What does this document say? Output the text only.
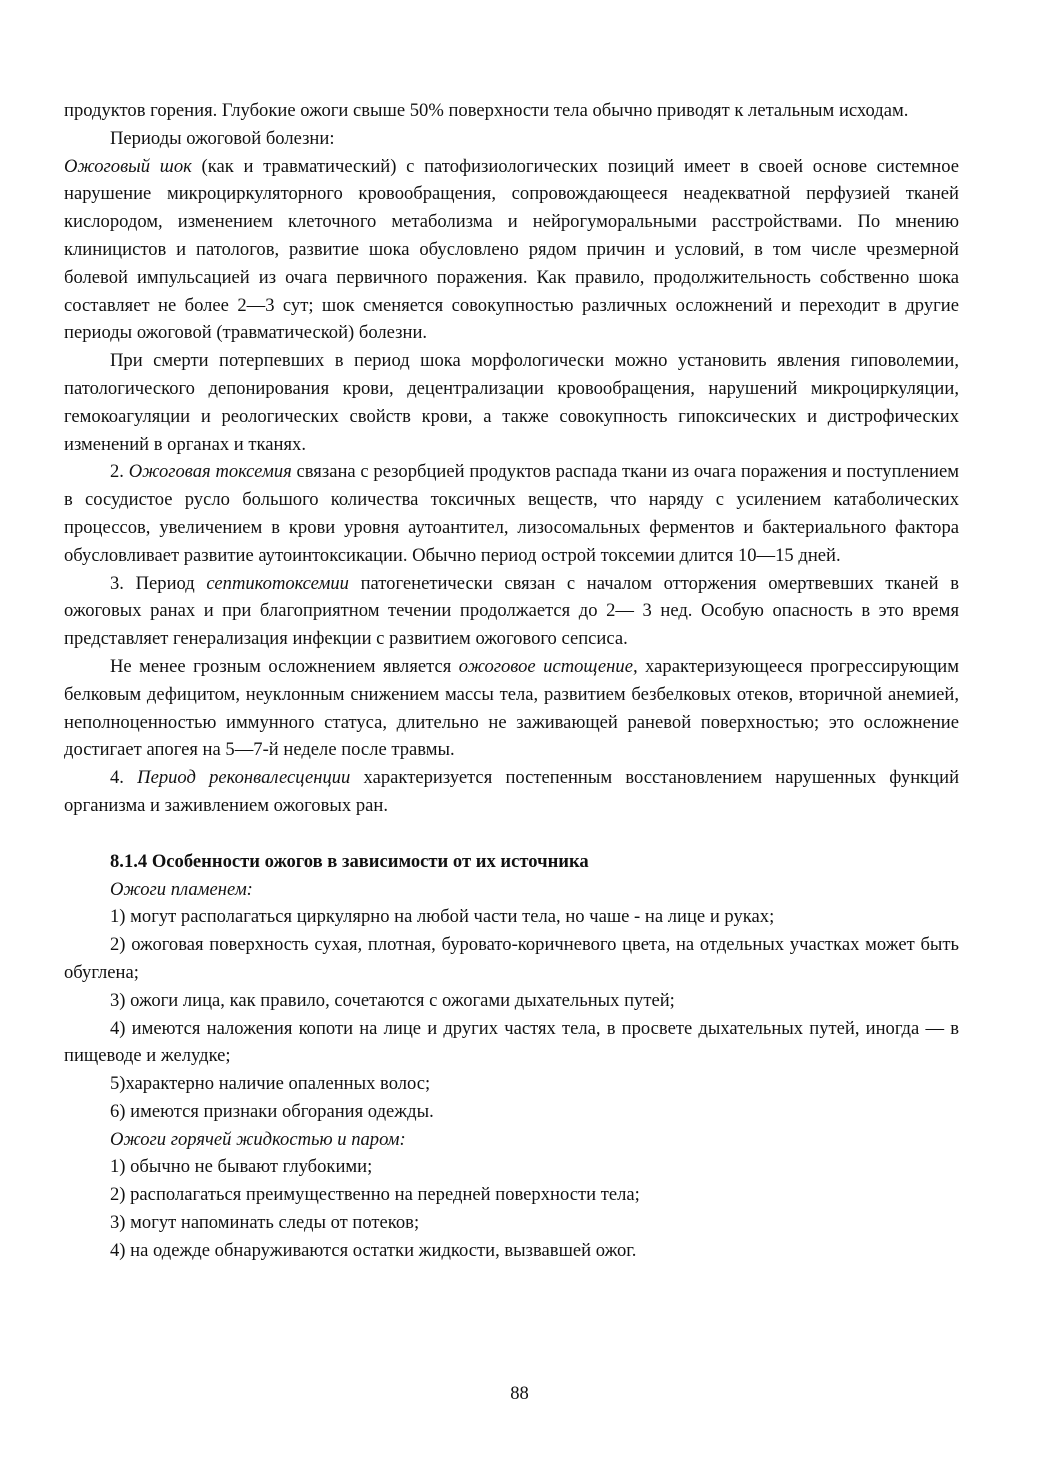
продуктов горения. Глубокие ожоги свыше 50% поверхности тела обычно приводят к летальным исходам.

Периоды ожоговой болезни:

Ожоговый шок (как и травматический) с патофизиологических позиций имеет в своей основе системное нарушение микроциркуляторного кровообращения, сопровождающееся неадекватной перфузией тканей кислородом, изменением клеточного метаболизма и нейрогуморальными расстройствами. По мнению клиницистов и патологов, развитие шока обусловлено рядом причин и условий, в том числе чрезмерной болевой импульсацией из очага первичного поражения. Как правило, продолжительность собственно шока составляет не более 2—3 сут; шок сменяется совокупностью различных осложнений и переходит в другие периоды ожоговой (травматической) болезни.

При смерти потерпевших в период шока морфологически можно установить явления гиповолемии, патологического депонирования крови, децентрализации кровообращения, нарушений микроциркуляции, гемокоагуляции и реологических свойств крови, а также совокупность гипоксических и дистрофических изменений в органах и тканях.

2. Ожоговая токсемия связана с резорбцией продуктов распада ткани из очага поражения и поступлением в сосудистое русло большого количества токсичных веществ, что наряду с усилением катаболических процессов, увеличением в крови уровня аутоантител, лизосомальных ферментов и бактериального фактора обусловливает развитие аутоинтоксикации. Обычно период острой токсемии длится 10—15 дней.

3. Период септикотоксемии патогенетически связан с началом отторжения омертвевших тканей в ожоговых ранах и при благоприятном течении продолжается до 2— 3 нед. Особую опасность в это время представляет генерализация инфекции с развитием ожогового сепсиса.

Не менее грозным осложнением является ожоговое истощение, характеризующееся прогрессирующим белковым дефицитом, неуклонным снижением массы тела, развитием безбелковых отеков, вторичной анемией, неполноценностью иммунного статуса, длительно не заживающей раневой поверхностью; это осложнение достигает апогея на 5—7-й неделе после травмы.

4. Период реконвалесценции характеризуется постепенным восстановлением нарушенных функций организма и заживлением ожоговых ран.

8.1.4 Особенности ожогов в зависимости от их источника

Ожоги пламенем:

1) могут располагаться циркулярно на любой части тела, но чаше - на лице и руках;

2) ожоговая поверхность сухая, плотная, буровато-коричневого цвета, на отдельных участках может быть обуглена;

3) ожоги лица, как правило, сочетаются с ожогами дыхательных путей;

4) имеются наложения копоти на лице и других частях тела, в просвете дыхательных путей, иногда — в пищеводе и желудке;

5)характерно наличие опаленных волос;

6) имеются признаки обгорания одежды.

Ожоги горячей жидкостью и паром:

1) обычно не бывают глубокими;

2) располагаться преимущественно на передней поверхности тела;

3) могут напоминать следы от потеков;

4) на одежде обнаруживаются остатки жидкости, вызвавшей ожог.

88
